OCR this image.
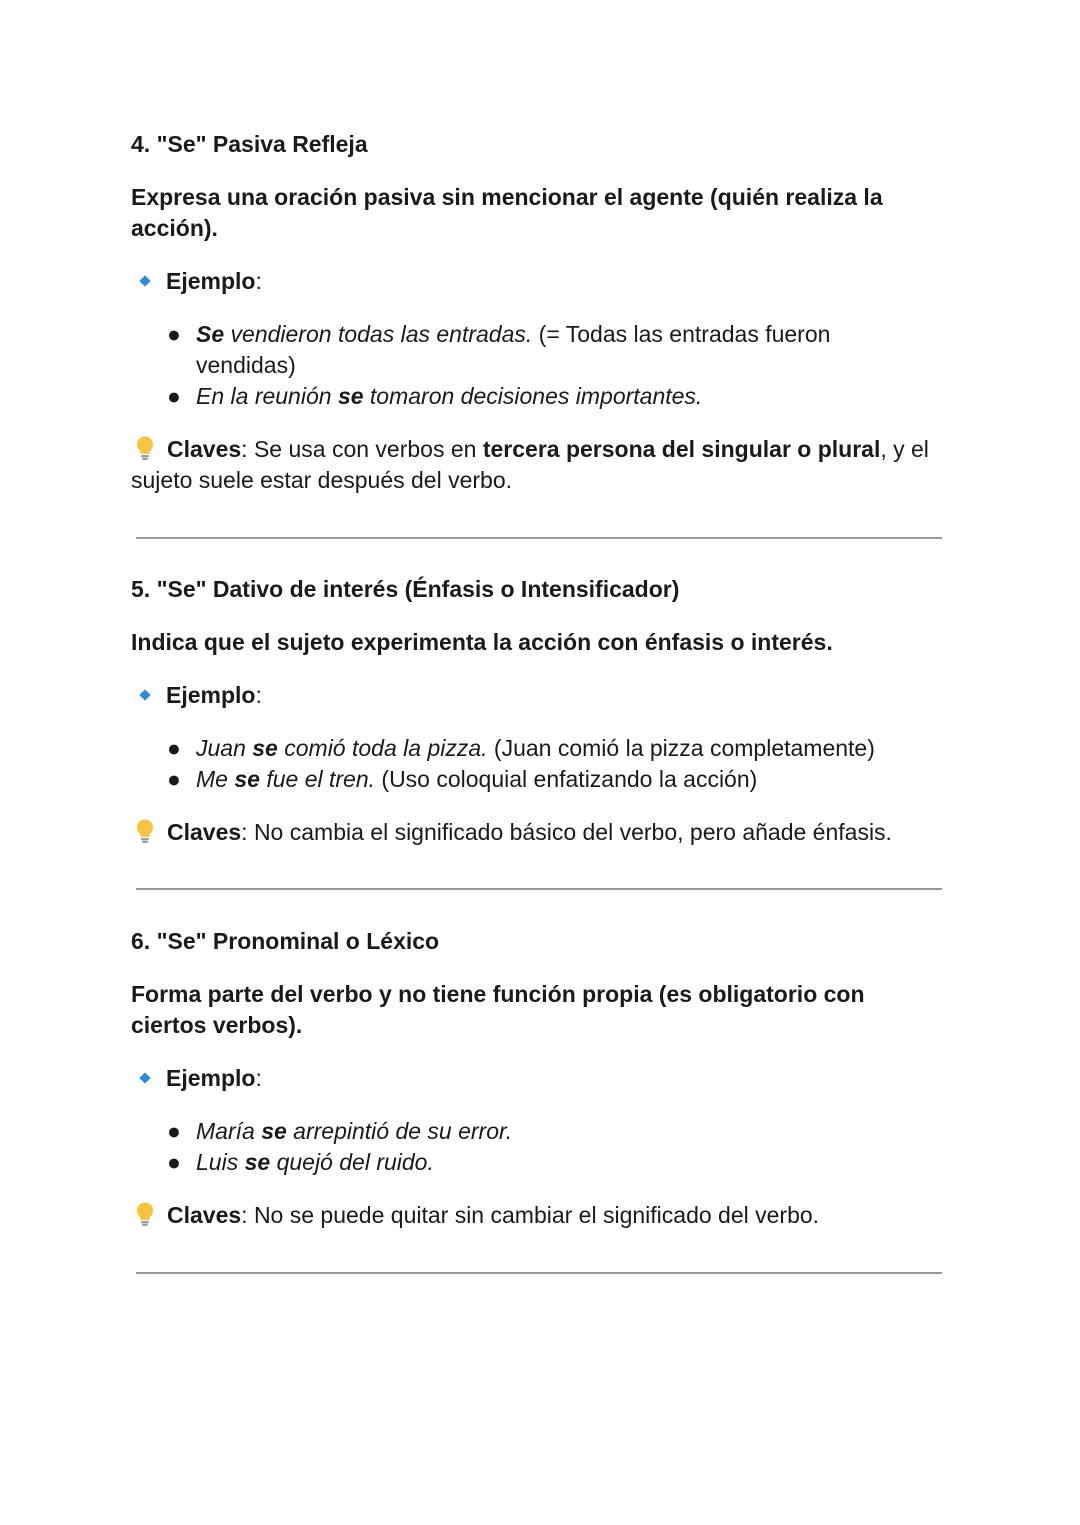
4. "Se" Pasiva Refleja

Expresa una oración pasiva sin mencionar el agente (quién realiza la
acción).

Ejemplo:
● Se vendieron todas las entradas. (= Todas las entradas fueron
vendidas)
● En la reunión se tomaron decisiones importantes.

Claves: Se usa con verbos en tercera persona del singular o plural, y el
sujeto suele estar después del verbo.

5. "Se" Dativo de interés (Énfasis o Intensificador)

Indica que el sujeto experimenta la acción con énfasis o interés.

Ejemplo:
● Juan se comió toda la pizza. (Juan comió la pizza completamente)
● Me se fue el tren. (Uso coloquial enfatizando la acción)

Claves: No cambia el significado básico del verbo, pero añade énfasis.

6. "Se" Pronominal o Léxico

Forma parte del verbo y no tiene función propia (es obligatorio con
ciertos verbos).

Ejemplo:
● María se arrepintió de su error.
● Luis se quejó del ruido.

Claves: No se puede quitar sin cambiar el significado del verbo.
